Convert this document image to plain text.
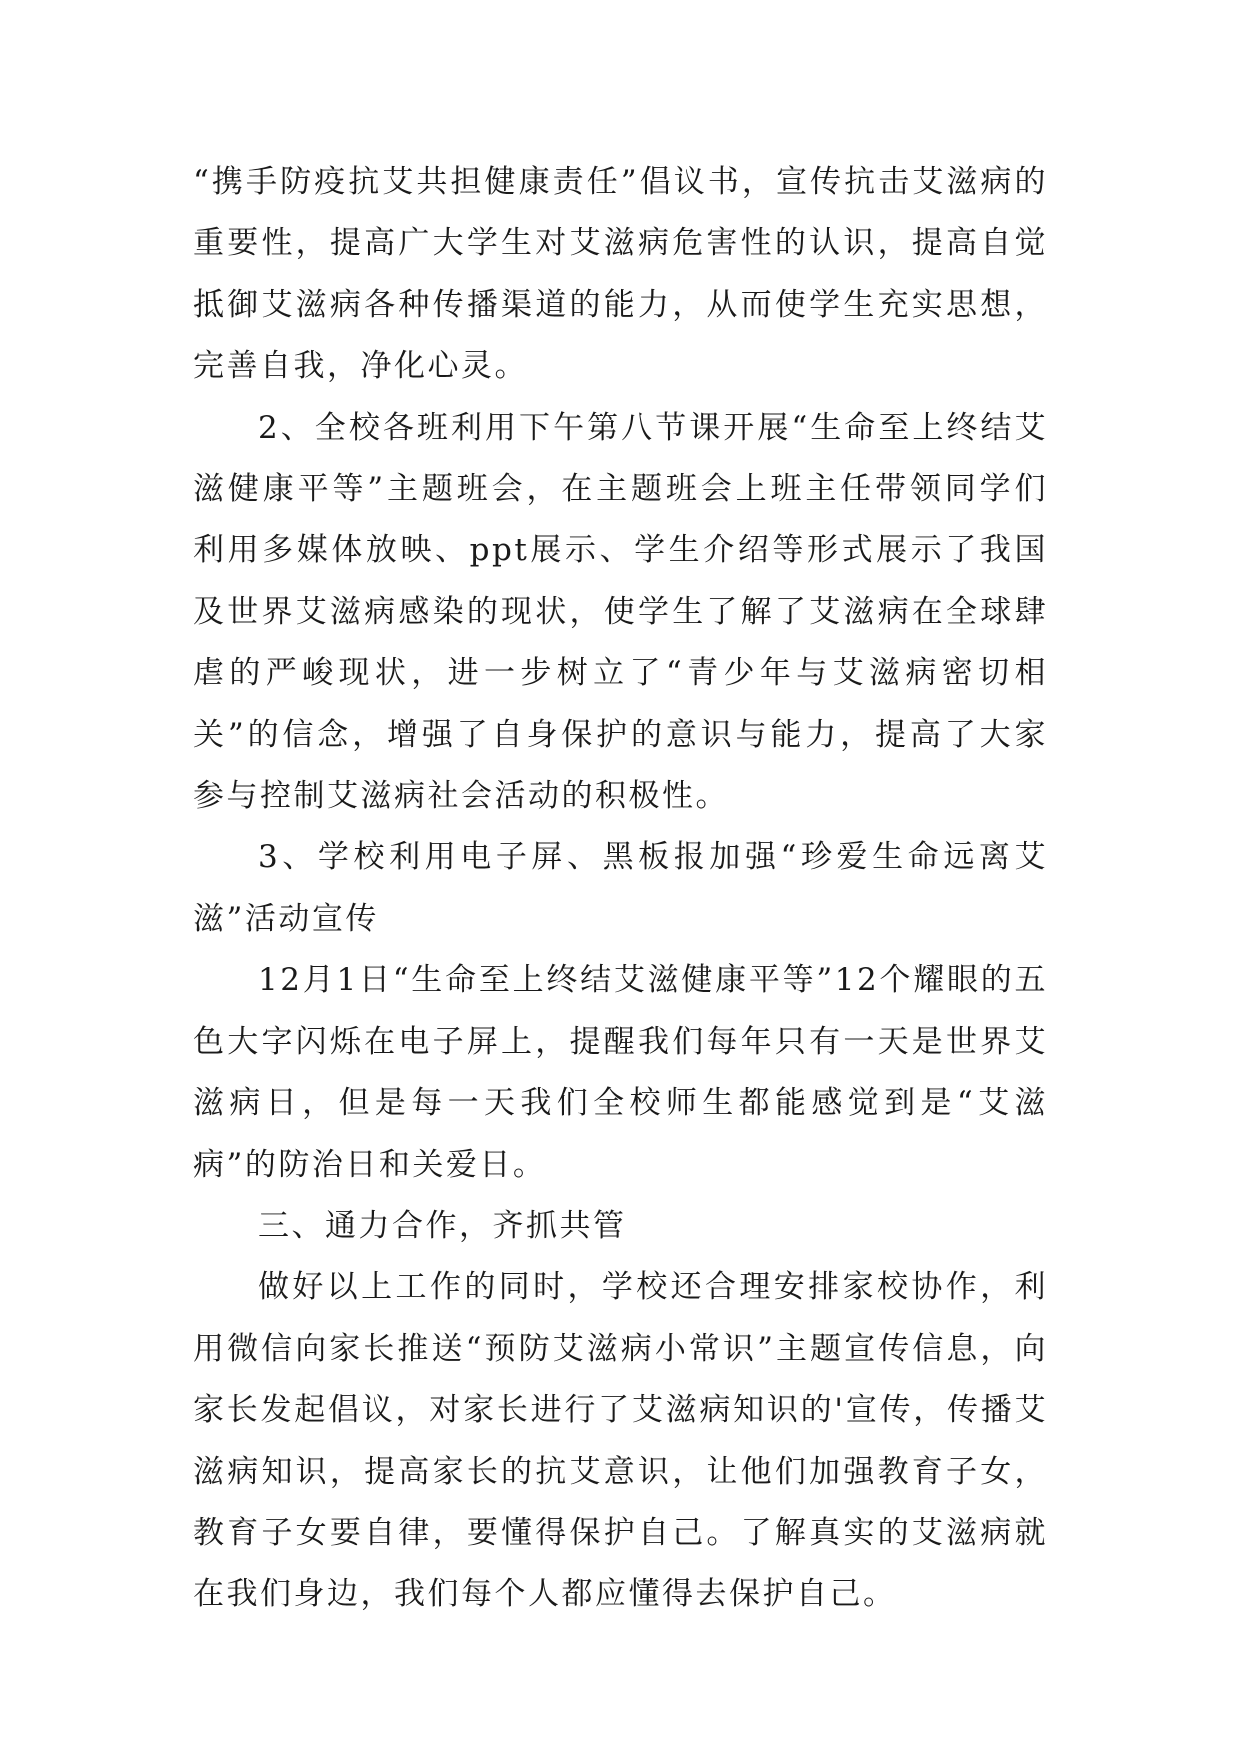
“携手防疫抗艾共担健康责任”倡议书，宣传抗击艾滋病的重要性，提高广大学生对艾滋病危害性的认识，提高自觉抵御艾滋病各种传播渠道的能力，从而使学生充实思想，完善自我，净化心灵。

2、全校各班利用下午第八节课开展“生命至上终结艾滋健康平等”主题班会，在主题班会上班主任带领同学们利用多媒体放映、ppt展示、学生介绍等形式展示了我国及世界艾滋病感染的现状，使学生了解了艾滋病在全球肆虐的严峻现状，进一步树立了“青少年与艾滋病密切相关”的信念，增强了自身保护的意识与能力，提高了大家参与控制艾滋病社会活动的积极性。

3、学校利用电子屏、黑板报加强“珍爱生命远离艾滋”活动宣传

12月1日“生命至上终结艾滋健康平等”12个耀眼的五色大字闪烁在电子屏上，提醒我们每年只有一天是世界艾滋病日，但是每一天我们全校师生都能感觉到是“艾滋病”的防治日和关爱日。

三、通力合作，齐抓共管

做好以上工作的同时，学校还合理安排家校协作，利用微信向家长推送“预防艾滋病小常识”主题宣传信息，向家长发起倡议，对家长进行了艾滋病知识的'宣传，传播艾滋病知识，提高家长的抗艾意识，让他们加强教育子女，教育子女要自律，要懂得保护自己。了解真实的艾滋病就在我们身边，我们每个人都应懂得去保护自己。
